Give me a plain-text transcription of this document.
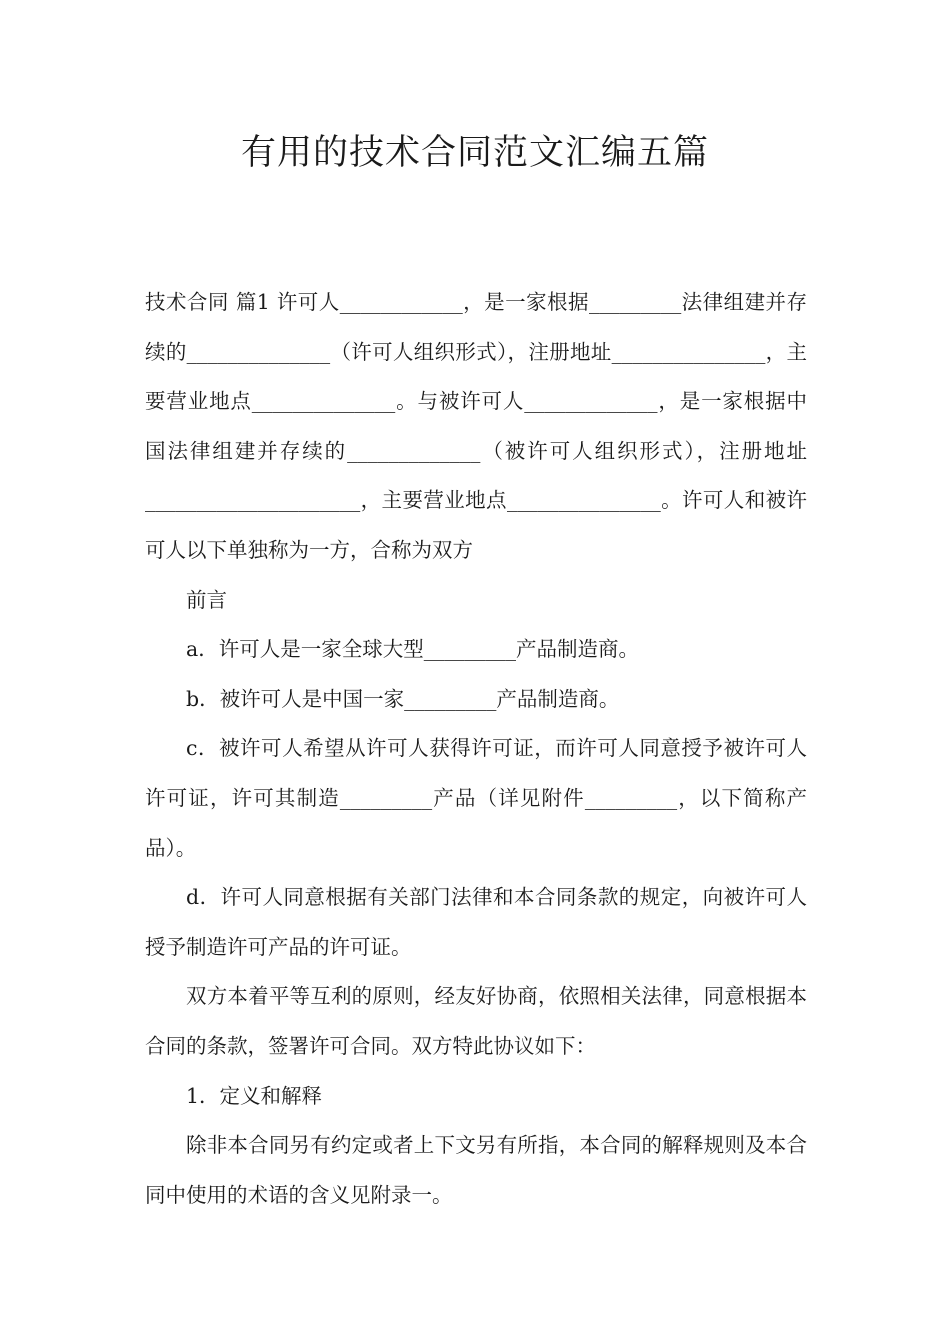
有用的技术合同范文汇编五篇

技术合同 篇1 许可人____________，是一家根据_________法律组建并存续的______________（许可人组织形式），注册地址_______________，主要营业地点______________。与被许可人_____________，是一家根据中国法律组建并存续的_____________（被许可人组织形式），注册地址_____________________，主要营业地点_______________。许可人和被许可人以下单独称为一方，合称为双方

前言

a．许可人是一家全球大型_________产品制造商。

b．被许可人是中国一家_________产品制造商。

c．被许可人希望从许可人获得许可证，而许可人同意授予被许可人许可证，许可其制造_________产品（详见附件_________，以下简称产品）。

d．许可人同意根据有关部门法律和本合同条款的规定，向被许可人授予制造许可产品的许可证。

双方本着平等互利的原则，经友好协商，依照相关法律，同意根据本合同的条款，签署许可合同。双方特此协议如下：

1．定义和解释

除非本合同另有约定或者上下文另有所指，本合同的解释规则及本合同中使用的术语的含义见附录一。
